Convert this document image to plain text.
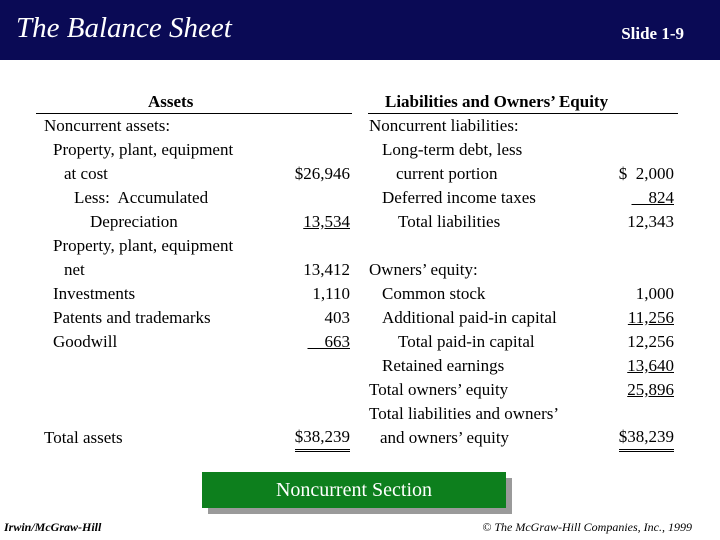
The Balance Sheet	Slide 1-9
Assets
Noncurrent assets:
Property, plant, equipment
at cost	$26,946
Less:  Accumulated
Depreciation	13,534
Property, plant, equipment
net	13,412
Investments	1,110
Patents and trademarks	403
Goodwill	663
Total assets	$38,239
Liabilities and Owners’ Equity
Noncurrent liabilities:
Long-term debt, less
current portion	$  2,000
Deferred income taxes	824
Total liabilities	12,343
Owners’ equity:
Common stock	1,000
Additional paid-in capital	11,256
Total paid-in capital	12,256
Retained earnings	13,640
Total owners’ equity	25,896
Total liabilities and owners’
and owners’ equity	$38,239
Noncurrent Section
Irwin/McGraw-Hill	© The McGraw-Hill Companies, Inc., 1999
